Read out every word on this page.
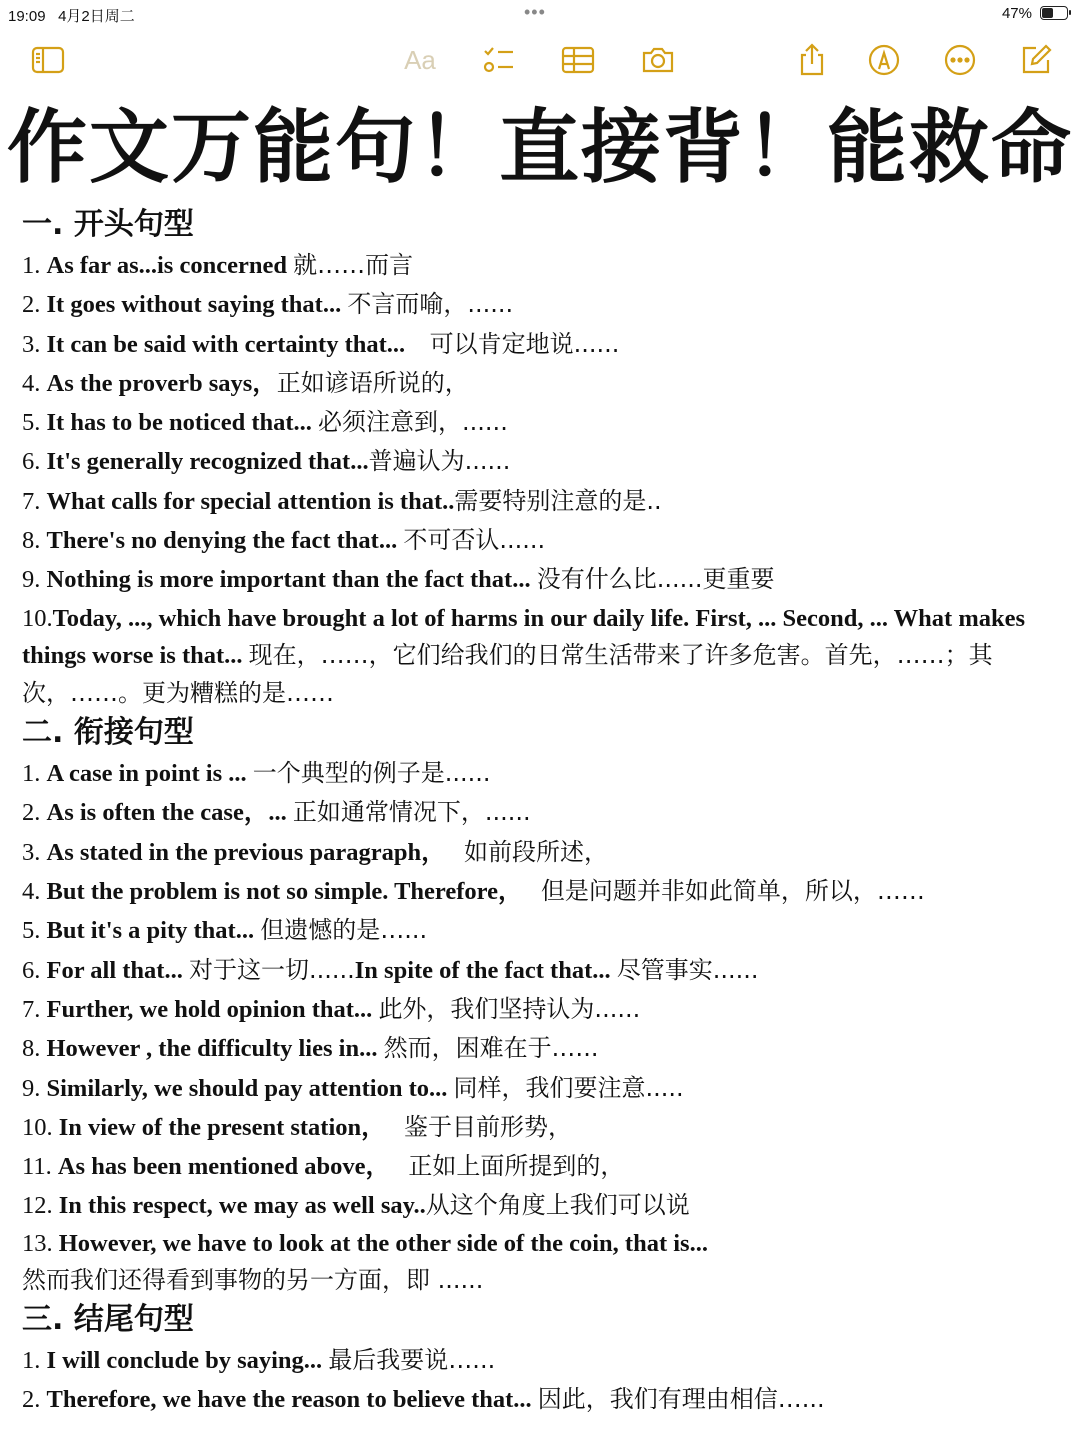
19:09 4月2日周二	•••	47%
Aa
作文万能句！直接背！能救命
一. 开头句型
1. As far as...is concerned 就……而言
2. It goes without saying that... 不言而喻，......
3. It can be said with certainty that... 可以肯定地说......
4. As the proverb says，正如谚语所说的，
5. It has to be noticed that... 必须注意到，......
6. It's generally recognized that...普遍认为......
7. What calls for special attention is that..需要特别注意的是..
8. There's no denying the fact that... 不可否认......
9. Nothing is more important than the fact that... 没有什么比......更重要
10.Today, ..., which have brought a lot of harms in our daily life. First, ... Second, ... What makes things worse is that... 现在，……，它们给我们的日常生活带来了许多危害。首先，……；其次，……。更为糟糕的是……
二. 衔接句型
1. A case in point is ... 一个典型的例子是......
2. As is often the case，... 正如通常情况下，......
3. As stated in the previous paragraph， 如前段所述，
4. But the problem is not so simple. Therefore， 但是问题并非如此简单，所以，……
5. But it's a pity that... 但遗憾的是…...
6. For all that... 对于这一切......In spite of the fact that... 尽管事实......
7. Further, we hold opinion that... 此外，我们坚持认为......
8. However , the difficulty lies in... 然而，困难在于.…..
9. Similarly, we should pay attention to... 同样，我们要注意.....
10. In view of the present station， 鉴于目前形势，
11. As has been mentioned above， 正如上面所提到的，
12. In this respect, we may as well say..从这个角度上我们可以说
13. However, we have to look at the other side of the coin, that is...
然而我们还得看到事物的另一方面，即 ......
三. 结尾句型
1. I will conclude by saying... 最后我要说…...
2. Therefore, we have the reason to believe that... 因此，我们有理由相信…...
